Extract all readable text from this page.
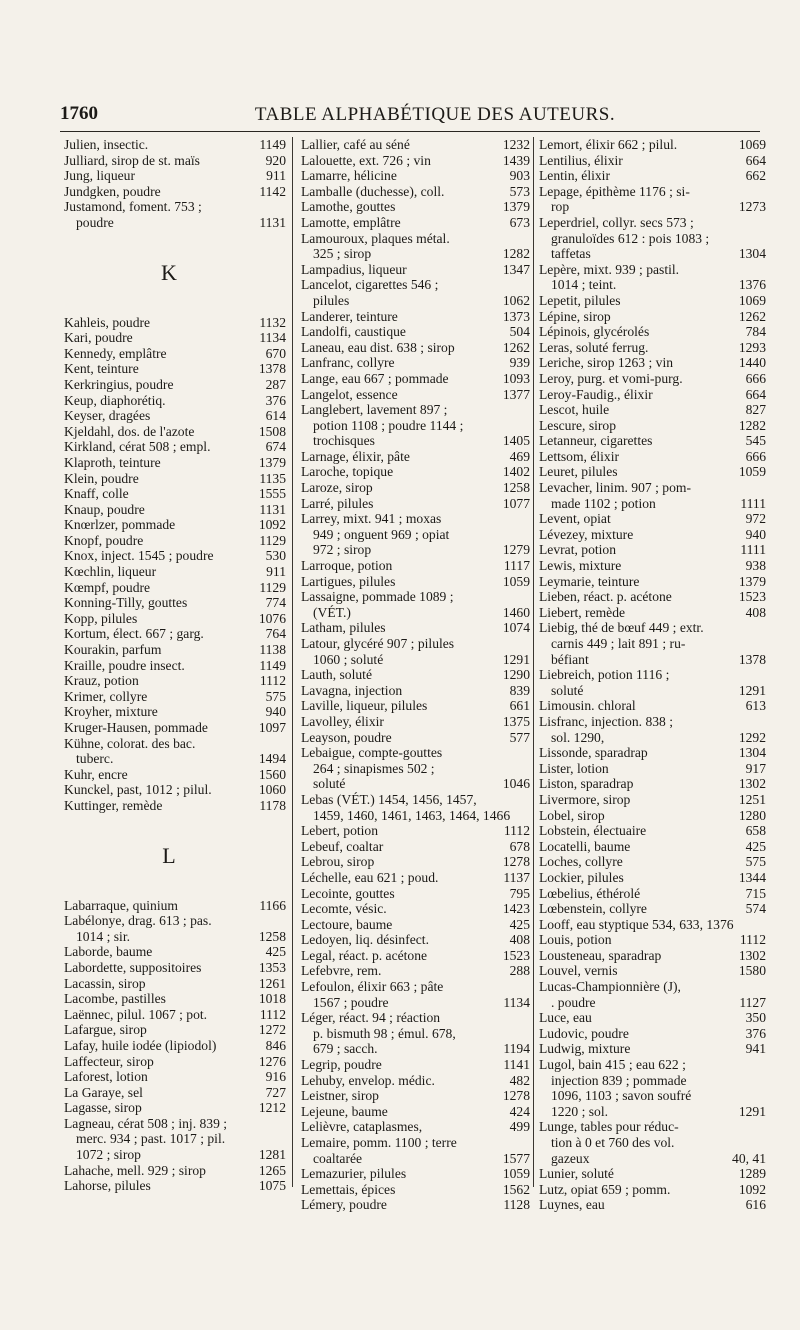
1760	TABLE ALPHABÉTIQUE DES AUTEURS.
1149
Julien, insectic.
920
Julliard, sirop de st. maïs
911
Jung, liqueur
1142
Jundgken, poudre
Justamond, foment. 753 ;
1131
poudre
K
1132
Kahleis, poudre
1134
Kari, poudre
670
Kennedy, emplâtre
1378
Kent, teinture
287
Kerkringius, poudre
376
Keup, diaphorétiq.
614
Keyser, dragées
1508
Kjeldahl, dos. de l'azote
674
Kirkland, cérat 508 ; empl.
1379
Klaproth, teinture
1135
Klein, poudre
1555
Knaff, colle
1131
Knaup, poudre
1092
Knœrlzer, pommade
1129
Knopf, poudre
530
Knox, inject. 1545 ; poudre
911
Kœchlin, liqueur
1129
Kœmpf, poudre
774
Konning-Tilly, gouttes
1076
Kopp, pilules
764
Kortum, élect. 667 ; garg.
1138
Kourakin, parfum
1149
Kraille, poudre insect.
1112
Krauz, potion
575
Krimer, collyre
940
Kroyher, mixture
1097
Kruger-Hausen, pommade
Kühne, colorat. des bac.
1494
tuberc.
1560
Kuhr, encre
1060
Kunckel, past, 1012 ; pilul.
1178
Kuttinger, remède
L
1166
Labarraque, quinium
Labélonye, drag. 613 ; pas.
1258
1014 ; sir.
425
Laborde, baume
1353
Labordette, suppositoires
1261
Lacassin, sirop
1018
Lacombe, pastilles
1112
Laënnec, pilul. 1067 ; pot.
1272
Lafargue, sirop
846
Lafay, huile iodée (lipiodol)
1276
Laffecteur, sirop
916
Laforest, lotion
727
La Garaye, sel
1212
Lagasse, sirop
Lagneau, cérat 508 ; inj. 839 ;
merc. 934 ; past. 1017 ; pil.
1281
1072 ; sirop
1265
Lahache, mell. 929 ; sirop
1075
Lahorse, pilules
1232
Lallier, café au séné
1439
Lalouette, ext. 726 ; vin
903
Lamarre, hélicine
573
Lamballe (duchesse), coll.
1379
Lamothe, gouttes
673
Lamotte, emplâtre
Lamouroux, plaques métal.
1282
325 ; sirop
1347
Lampadius, liqueur
Lancelot, cigarettes 546 ;
1062
pilules
1373
Landerer, teinture
504
Landolfi, caustique
1262
Laneau, eau dist. 638 ; sirop
939
Lanfranc, collyre
1093
Lange, eau 667 ; pommade
1377
Langelot, essence
Langlebert, lavement 897 ;
potion 1108 ; poudre 1144 ;
1405
trochisques
469
Larnage, élixir, pâte
1402
Laroche, topique
1258
Laroze, sirop
1077
Larré, pilules
Larrey, mixt. 941 ; moxas
949 ; onguent 969 ; opiat
1279
972 ; sirop
1117
Larroque, potion
1059
Lartigues, pilules
Lassaigne, pommade 1089 ;
1460
(VÉT.)
1074
Latham, pilules
Latour, glycéré 907 ; pilules
1291
1060 ; soluté
1290
Lauth, soluté
839
Lavagna, injection
661
Laville, liqueur, pilules
1375
Lavolley, élixir
577
Leayson, poudre
Lebaigue, compte-gouttes
264 ; sinapismes 502 ;
1046
soluté
Lebas (VÉT.) 1454, 1456, 1457,
1459, 1460, 1461, 1463, 1464, 1466
1112
Lebert, potion
678
Lebeuf, coaltar
1278
Lebrou, sirop
1137
Léchelle, eau 621 ; poud.
795
Lecointe, gouttes
1423
Lecomte, vésic.
425
Lectoure, baume
408
Ledoyen, liq. désinfect.
1523
Legal, réact. p. acétone
288
Lefebvre, rem.
Lefoulon, élixir 663 ; pâte
1134
1567 ; poudre
Léger, réact. 94 ; réaction
p. bismuth 98 ; émul. 678,
1194
679 ; sacch.
1141
Legrip, poudre
482
Lehuby, envelop. médic.
1278
Leistner, sirop
424
Lejeune, baume
499
Lelièvre, cataplasmes,
Lemaire, pomm. 1100 ; terre
1577
coaltarée
1059
Lemazurier, pilules
1562
Lemettais, épices
1128
Lémery, poudre
1069
Lemort, élixir 662 ; pilul.
664
Lentilius, élixir
662
Lentin, élixir
Lepage, épithème 1176 ; si-
1273
rop
Leperdriel, collyr. secs 573 ;
granuloïdes 612 : pois 1083 ;
1304
taffetas
Lepère, mixt. 939 ; pastil.
1376
1014 ; teint.
1069
Lepetit, pilules
1262
Lépine, sirop
784
Lépinois, glycérolés
1293
Leras, soluté ferrug.
1440
Leriche, sirop 1263 ; vin
666
Leroy, purg. et vomi-purg.
664
Leroy-Faudig., élixir
827
Lescot, huile
1282
Lescure, sirop
545
Letanneur, cigarettes
666
Lettsom, élixir
1059
Leuret, pilules
Levacher, linim. 907 ; pom-
1111
made 1102 ; potion
972
Levent, opiat
940
Lévezey, mixture
1111
Levrat, potion
938
Lewis, mixture
1379
Leymarie, teinture
1523
Lieben, réact. p. acétone
408
Liebert, remède
Liebig, thé de bœuf 449 ; extr.
carnis 449 ; lait 891 ; ru-
1378
béfiant
Liebreich, potion 1116 ;
1291
soluté
613
Limousin. chloral
Lisfranc, injection. 838 ;
1292
sol. 1290,
1304
Lissonde, sparadrap
917
Lister, lotion
1302
Liston, sparadrap
1251
Livermore, sirop
1280
Lobel, sirop
658
Lobstein, électuaire
425
Locatelli, baume
575
Loches, collyre
1344
Lockier, pilules
715
Lœbelius, éthérolé
574
Lœbenstein, collyre
Looff, eau styptique 534, 633, 1376
1112
Louis, potion
1302
Lousteneau, sparadrap
1580
Louvel, vernis
Lucas-Championnière (J),
1127
. poudre
350
Luce, eau
376
Ludovic, poudre
941
Ludwig, mixture
Lugol, bain 415 ; eau 622 ;
injection 839 ; pommade
1096, 1103 ; savon soufré
1291
1220 ; sol.
Lunge, tables pour réduc-
tion à 0 et 760 des vol.
40, 41
gazeux
1289
Lunier, soluté
1092
Lutz, opiat 659 ; pomm.
616
Luynes, eau
